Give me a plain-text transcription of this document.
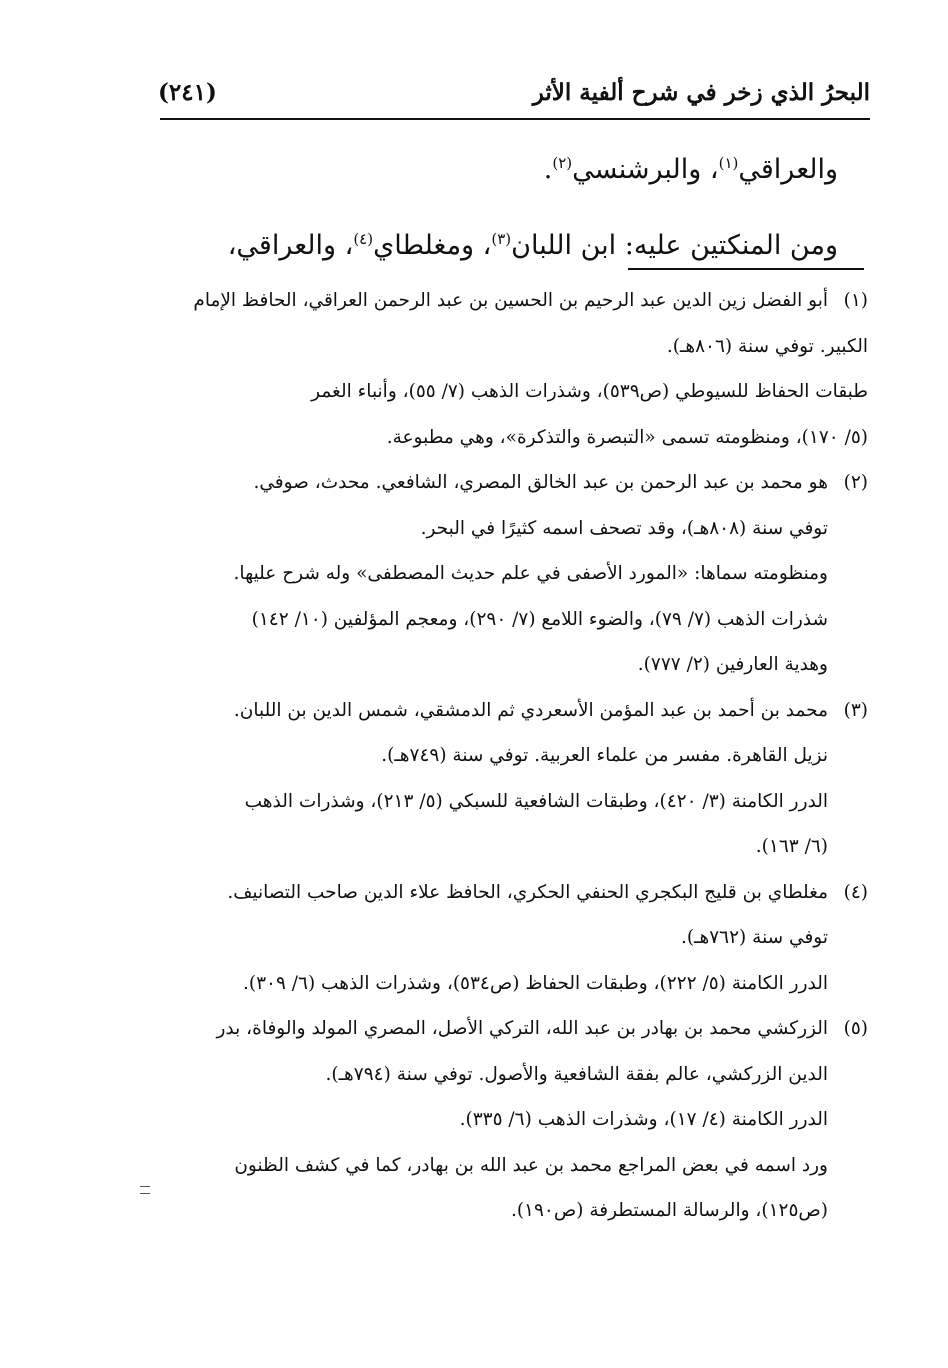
البحرُ الذي زخر في شرح ألفية الأثر
(٢٤١)

والعراقي$^{(١)}$، والبرشنسي$^{(٢)}$.

ومن المنكتين عليه: ابن اللبان$^{(٣)}$، ومغلطاي$^{(٤)}$، والعراقي،

(١)

أبو الفضل زين الدين عبد الرحيم بن الحسين بن عبد الرحمن العراقي، الحافظ الإمام

الكبير. توفي سنة (٨٠٦هـ).

طبقات الحفاظ للسيوطي (ص٥٣٩)، وشذرات الذهب (٧/ ٥٥)، وأنباء الغمر

(٥/ ١٧٠)، ومنظومته تسمى «التبصرة والتذكرة»، وهي مطبوعة.

(٢)

هو محمد بن عبد الرحمن بن عبد الخالق المصري، الشافعي. محدث، صوفي.

توفي سنة (٨٠٨هـ)، وقد تصحف اسمه كثيرًا في البحر.

ومنظومته سماها: «المورد الأصفى في علم حديث المصطفى» وله شرح عليها.

شذرات الذهب (٧/ ٧٩)، والضوء اللامع (٧/ ٢٩٠)، ومعجم المؤلفين (١٠/ ١٤٢)

وهدية العارفين (٢/ ٧٧٧).

(٣)

محمد بن أحمد بن عبد المؤمن الأسعردي ثم الدمشقي، شمس الدين بن اللبان.

نزيل القاهرة. مفسر من علماء العربية. توفي سنة (٧٤٩هـ).

الدرر الكامنة (٣/ ٤٢٠)، وطبقات الشافعية للسبكي (٥/ ٢١٣)، وشذرات الذهب

(٦/ ١٦٣).

(٤)

مغلطاي بن قليج البكجري الحنفي الحكري، الحافظ علاء الدين صاحب التصانيف.

توفي سنة (٧٦٢هـ).

الدرر الكامنة (٥/ ٢٢٢)، وطبقات الحفاظ (ص٥٣٤)، وشذرات الذهب (٦/ ٣٠٩).

(٥)

الزركشي محمد بن بهادر بن عبد الله، التركي الأصل، المصري المولد والوفاة، بدر

الدين الزركشي، عالم بفقة الشافعية والأصول. توفي سنة (٧٩٤هـ).

الدرر الكامنة (٤/ ١٧)، وشذرات الذهب (٦/ ٣٣٥).

ورد اسمه في بعض المراجع محمد بن عبد الله بن بهادر، كما في كشف الظنون

(ص١٢٥)، والرسالة المستطرفة (ص١٩٠).
